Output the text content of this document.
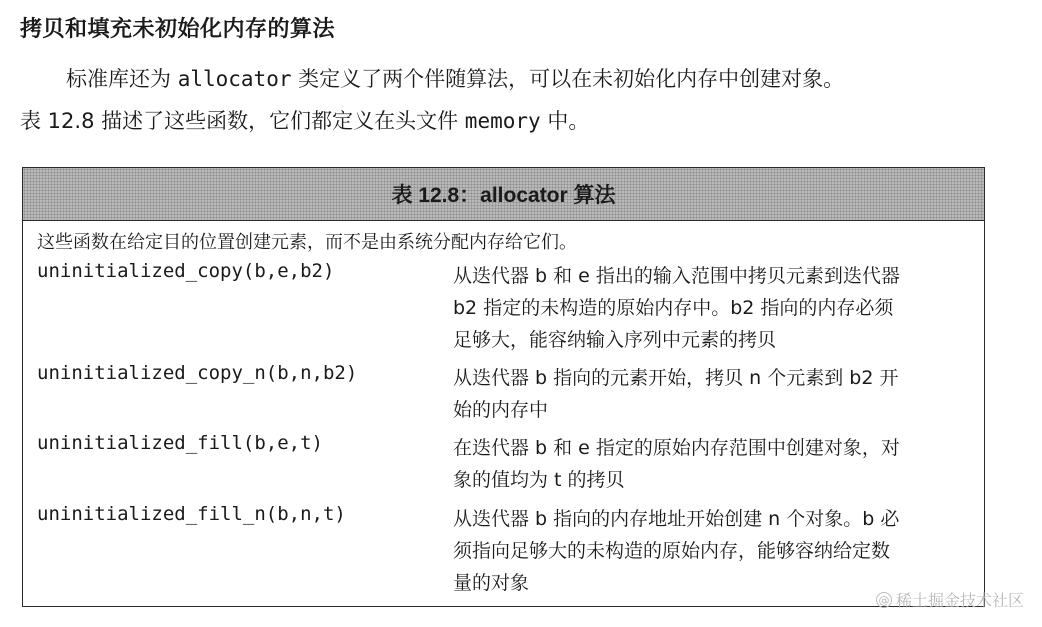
拷贝和填充未初始化内存的算法
标准库还为 allocator 类定义了两个伴随算法，可以在未初始化内存中创建对象。
表 12.8 描述了这些函数，它们都定义在头文件 memory 中。
表 12.8：allocator 算法
这些函数在给定目的位置创建元素，而不是由系统分配内存给它们。
uninitialized_copy(b,e,b2)	从迭代器 b 和 e 指出的输入范围中拷贝元素到迭代器
b2 指定的未构造的原始内存中。b2 指向的内存必须
足够大，能容纳输入序列中元素的拷贝
uninitialized_copy_n(b,n,b2)	从迭代器 b 指向的元素开始，拷贝 n 个元素到 b2 开
始的内存中
uninitialized_fill(b,e,t)	在迭代器 b 和 e 指定的原始内存范围中创建对象，对
象的值均为 t 的拷贝
uninitialized_fill_n(b,n,t)	从迭代器 b 指向的内存地址开始创建 n 个对象。b 必
须指向足够大的未构造的原始内存，能够容纳给定数
量的对象
@ 稀土掘金技术社区
